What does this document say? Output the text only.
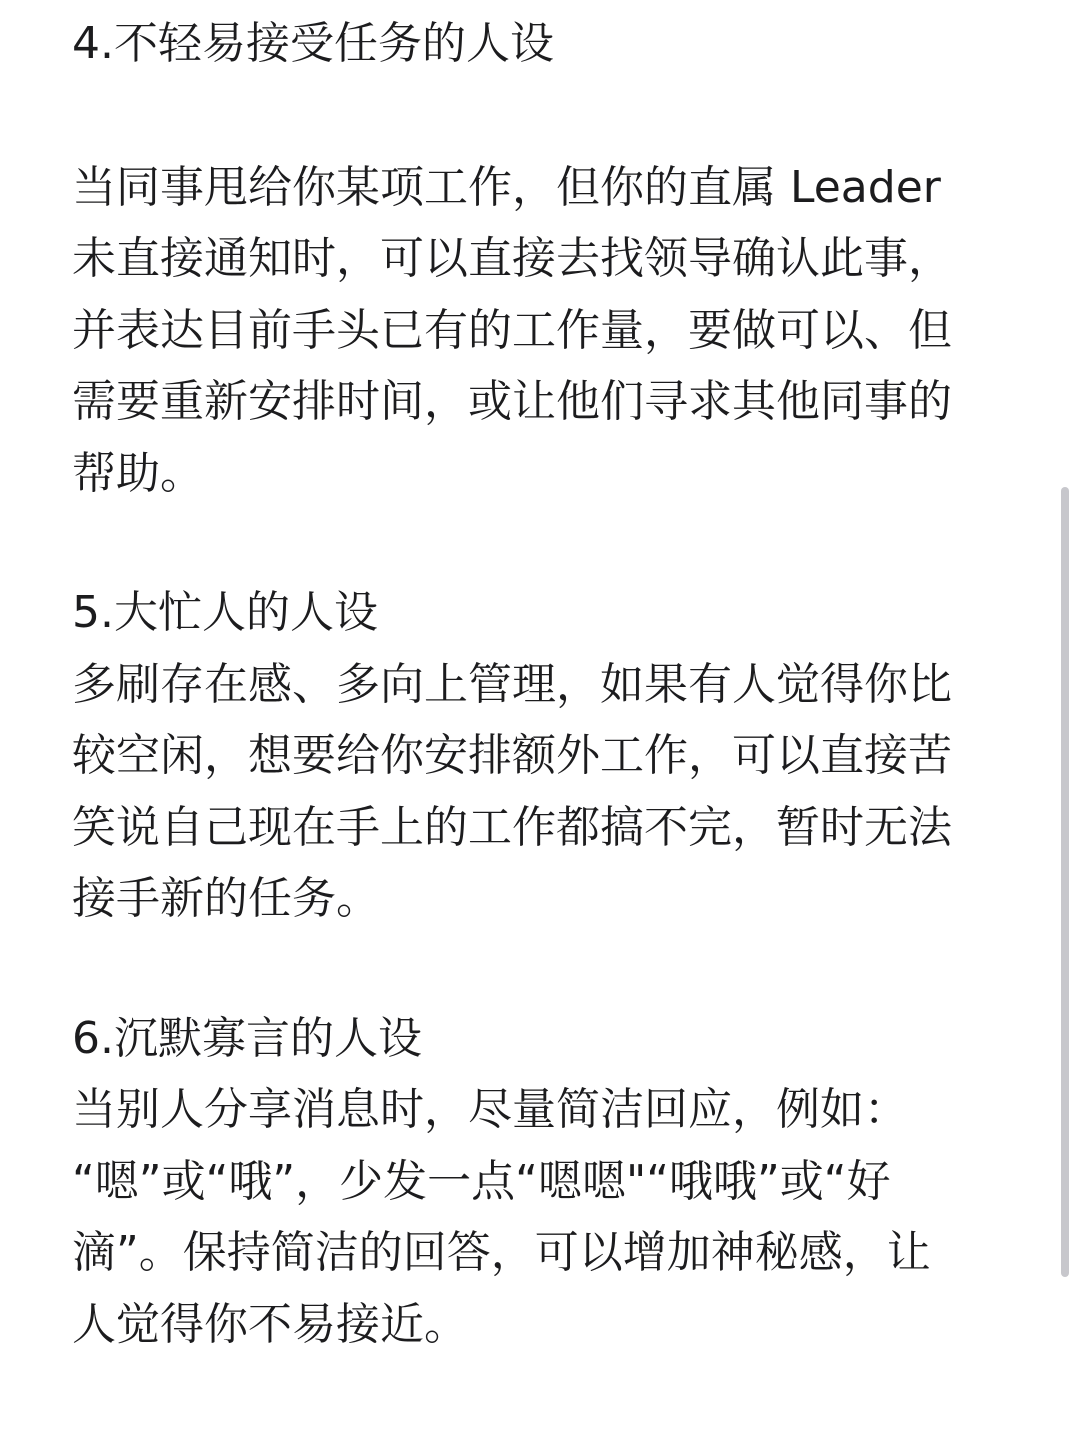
4.不轻易接受任务的人设
当同事甩给你某项工作，但你的直属 Leader
未直接通知时，可以直接去找领导确认此事，
并表达目前手头已有的工作量，要做可以、但
需要重新安排时间，或让他们寻求其他同事的
帮助。
5.大忙人的人设
多刷存在感、多向上管理，如果有人觉得你比
较空闲，想要给你安排额外工作，可以直接苦
笑说自己现在手上的工作都搞不完，暂时无法
接手新的任务。
6.沉默寡言的人设
当别人分享消息时，尽量简洁回应，例如：
“嗯”或“哦”，少发一点“嗯嗯"“哦哦”或“好
滴”。保持简洁的回答，可以增加神秘感，让
人觉得你不易接近。
